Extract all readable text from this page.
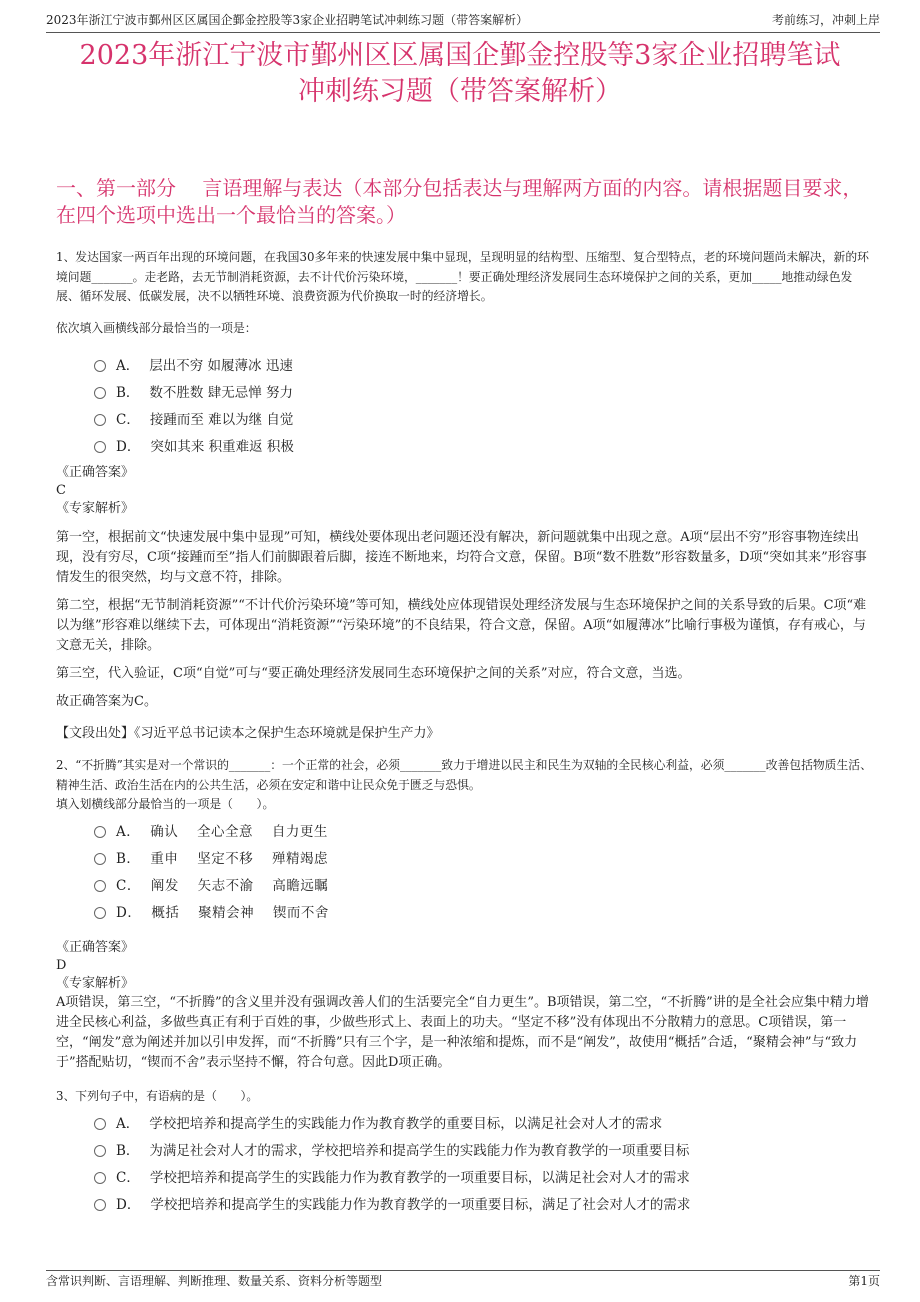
2023年浙江宁波市鄞州区区属国企鄞金控股等3家企业招聘笔试冲刺练习题（带答案解析）	考前练习，冲刺上岸
2023年浙江宁波市鄞州区区属国企鄞金控股等3家企业招聘笔试
冲刺练习题（带答案解析）
一、第一部分　 言语理解与表达（本部分包括表达与理解两方面的内容。请根据题目要求，在四个选项中选出一个最恰当的答案。）

1、发达国家一两百年出现的环境问题，在我国30多年来的快速发展中集中显现，呈现明显的结构型、压缩型、复合型特点，老的环境问题尚未解决，新的环境问题_______。走老路，去无节制消耗资源，去不计代价污染环境，_______！要正确处理经济发展同生态环境保护之间的关系，更加_____地推动绿色发展、循环发展、低碳发展，决不以牺牲环境、浪费资源为代价换取一时的经济增长。

依次填入画横线部分最恰当的一项是：

A． 层出不穷 如履薄冰 迅速
B． 数不胜数 肆无忌惮 努力
C． 接踵而至 难以为继 自觉
D． 突如其来 积重难返 积极

《正确答案》

C

《专家解析》

第一空，根据前文“快速发展中集中显现”可知，横线处要体现出老问题还没有解决，新问题就集中出现之意。A项“层出不穷”形容事物连续出现，没有穷尽，C项“接踵而至”指人们前脚跟着后脚，接连不断地来，均符合文意，保留。B项“数不胜数”形容数量多，D项“突如其来”形容事情发生的很突然，均与文意不符，排除。

第二空，根据“无节制消耗资源”“不计代价污染环境”等可知，横线处应体现错误处理经济发展与生态环境保护之间的关系导致的后果。C项“难以为继”形容难以继续下去，可体现出“消耗资源”“污染环境”的不良结果，符合文意，保留。A项“如履薄冰”比喻行事极为谨慎，存有戒心，与文意无关，排除。

第三空，代入验证，C项“自觉”可与“要正确处理经济发展同生态环境保护之间的关系”对应，符合文意，当选。

故正确答案为C。

【文段出处】《习近平总书记读本之保护生态环境就是保护生产力》

2、“不折腾”其实是对一个常识的_______：一个正常的社会，必须_______致力于增进以民主和民生为双轴的全民核心利益，必须_______改善包括物质生活、精神生活、政治生活在内的公共生活，必须在安定和谐中让民众免于匮乏与恐惧。

填入划横线部分最恰当的一项是（　　）。

A． 确认　 全心全意　 自力更生
B． 重申　 坚定不移　 殚精竭虑
C． 阐发　 矢志不渝　 高瞻远瞩
D． 概括　 聚精会神　 锲而不舍

《正确答案》

D

《专家解析》

A项错误，第三空，“不折腾”的含义里并没有强调改善人们的生活要完全“自力更生”。B项错误，第二空，“不折腾”讲的是全社会应集中精力增进全民核心利益，多做些真正有利于百姓的事，少做些形式上、表面上的功夫。“坚定不移”没有体现出不分散精力的意思。C项错误，第一空，“阐发”意为阐述并加以引申发挥，而“不折腾”只有三个字，是一种浓缩和提炼，而不是“阐发”，故使用“概括”合适，“聚精会神”与“致力于”搭配贴切，“锲而不舍”表示坚持不懈，符合句意。因此D项正确。

3、下列句子中，有语病的是（　　）。

A． 学校把培养和提高学生的实践能力作为教育教学的重要目标，以满足社会对人才的需求
B． 为满足社会对人才的需求，学校把培养和提高学生的实践能力作为教育教学的一项重要目标
C． 学校把培养和提高学生的实践能力作为教育教学的一项重要目标，以满足社会对人才的需求
D． 学校把培养和提高学生的实践能力作为教育教学的一项重要目标，满足了社会对人才的需求
含常识判断、言语理解、判断推理、数量关系、资料分析等题型	第1页
